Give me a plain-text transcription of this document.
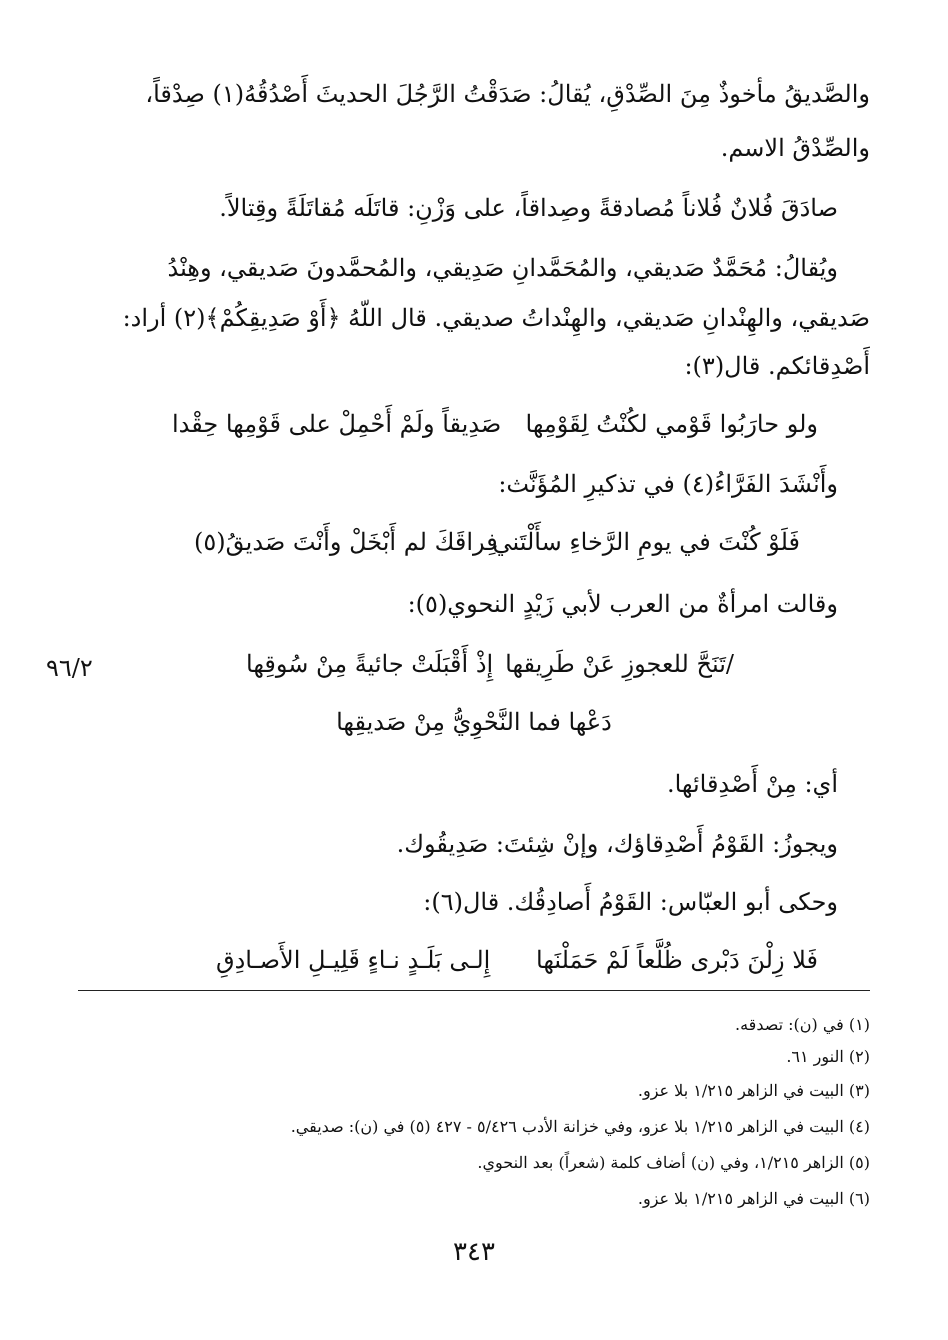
والصَّديقُ مأخوذٌ مِنَ الصِّدْقِ، يُقالُ: صَدَقْتُ الرَّجُلَ الحديثَ أَصْدُقُهُ(١) صِدْقاً،
والصِّدْقُ الاسم.
صادَقَ فُلانٌ فُلاناً مُصادقةً وصِداقاً، على وَزْنِ: قاتَلَه مُقاتَلَةً وقِتالاً.
ويُقالُ: مُحَمَّدٌ صَديقي، والمُحَمَّدانِ صَدِيقي، والمُحمَّدونَ صَديقي، وهِنْدُ
صَديقي، والهِنْدانِ صَديقي، والهِنْداتُ صديقي. قال اللّهُ ﴿أَوْ صَدِيقِكُمْ﴾(٢) أراد:
أَصْدِقائكم. قال(٣):
ولو حارَبُوا قَوْمي لكُنْتُ لِقَوْمِها
صَدِيقاً ولَمْ أَحْمِلْ على قَوْمِها حِقْدا
وأَنْشَدَ الفَرَّاءُ(٤) في تذكيرِ المُؤَنَّث:
فَلَوْ كُنْتَ في يومِ الرَّخاءِ سأَلْتَني
فِراقَكَ لم أَبْخَلْ وأَنْتَ صَديقُ(٥)
وقالت امرأةٌ من العرب لأبي زَيْدٍ النحوي(٥):
/تَنَحَّ للعجوزِ عَنْ طَرِيقها
إِذْ أَقْبَلَتْ جائيةً مِنْ سُوقِها
٩٦/٢
دَعْها فما النَّحْوِيُّ مِنْ صَديقِها
أي: مِنْ أَصْدِقائها.
ويجوزُ: القَوْمُ أَصْدِقاؤك، وإنْ شِئتَ: صَدِيقُوك.
وحكى أبو العبّاس: القَوْمُ أَصادِقُك. قال(٦):
فَلا زِلْنَ دَبْرى ظُلَّعاً لَمْ حَمَلْنَها
إِلـى بَلَـدٍ نـاءٍ قَلِيـلِ الأَصـادِقِ
(١) في (ن): تصدقه.
(٢) النور ٦١.
(٣) البيت في الزاهر ١/٢١٥ بلا عزو.
(٤) البيت في الزاهر ١/٢١٥ بلا عزو، وفي خزانة الأدب ٥/٤٢٦ - ٤٢٧ (٥) في (ن): صديقي.
(٥) الزاهر ١/٢١٥، وفي (ن) أضاف كلمة (شعراً) بعد النحوي.
(٦) البيت في الزاهر ١/٢١٥ بلا عزو.
٣٤٣
